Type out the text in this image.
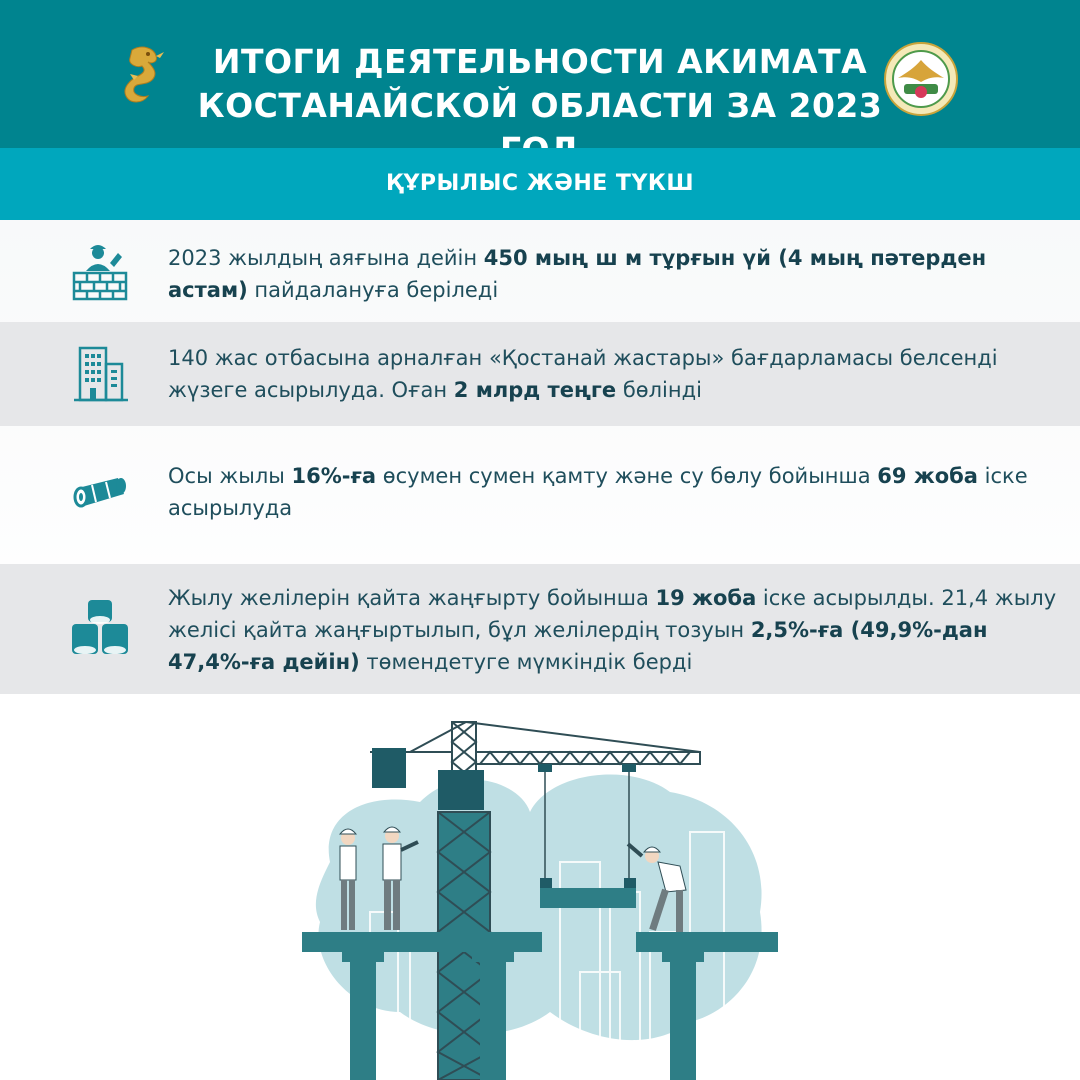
ИТОГИ ДЕЯТЕЛЬНОСТИ АКИМАТА
КОСТАНАЙСКОЙ ОБЛАСТИ ЗА 2023
ҚҰРЫЛЫС ЖӘНЕ ТҮКШ
2023 жылдың аяғына дейін 450 мың ш м тұрғын үй (4 мың пәтерден астам) пайдалануға беріледі
140 жас отбасына арналған «Қостанай жастары» бағдарламасы белсенді жүзеге асырылуда. Оған 2 млрд теңге бөлінді
Осы жылы 16%-ға өсумен сумен қамту және су бөлу бойынша 69 жоба іске асырылуда
Жылу желілерін қайта жаңғырту бойынша 19 жоба іске асырылды. 21,4 жылу желісі қайта жаңғыртылып, бұл желілердің тозуын 2,5%-ға (49,9%-дан 47,4%-ға дейін) төмендетуге мүмкіндік берді
